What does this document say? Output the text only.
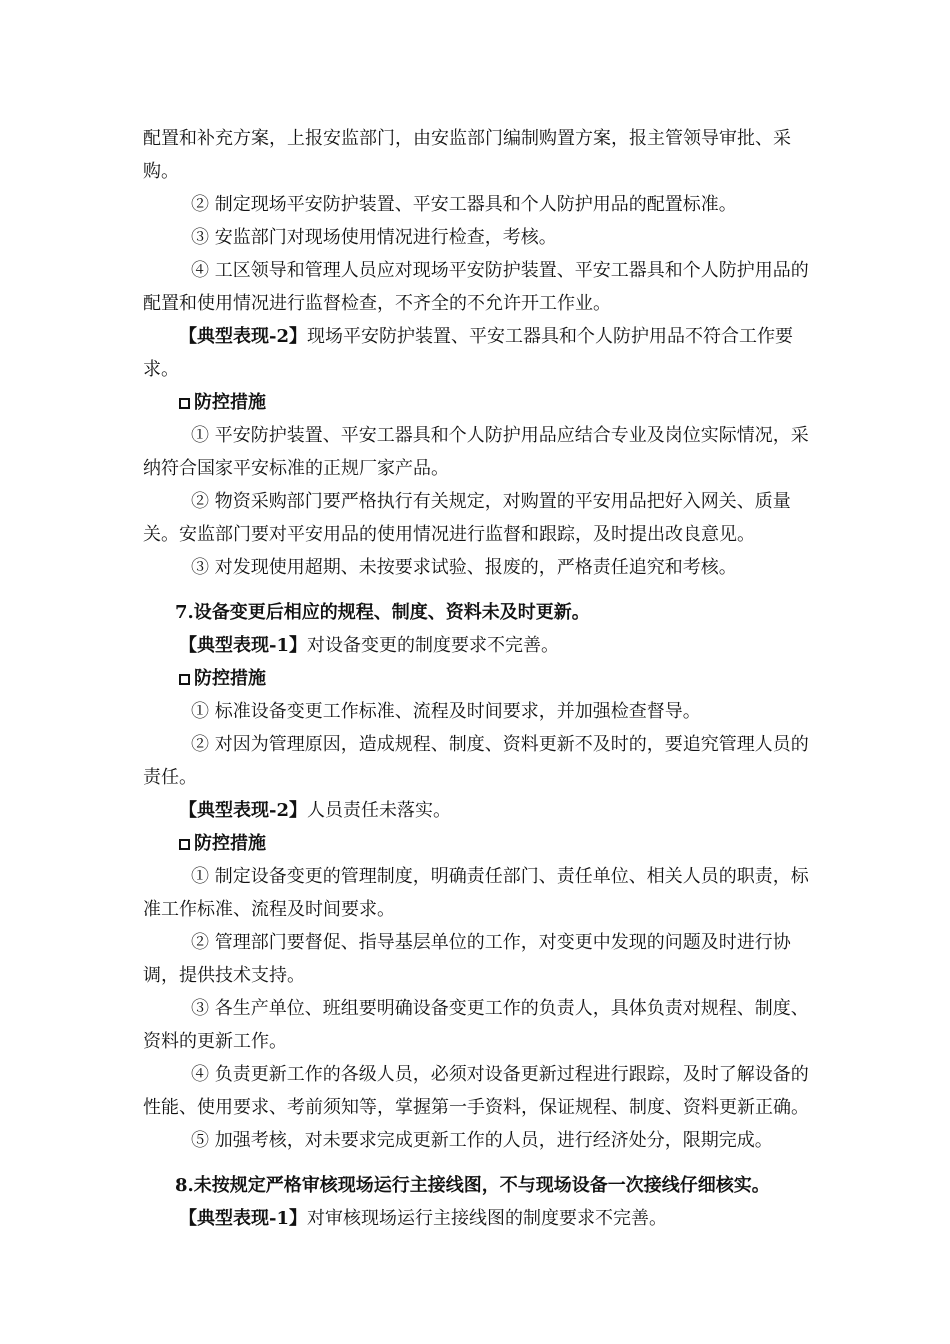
配置和补充方案，上报安监部门，由安监部门编制购置方案，报主管领导审批、采购。

② 制定现场平安防护装置、平安工器具和个人防护用品的配置标准。

③ 安监部门对现场使用情况进行检查，考核。

④ 工区领导和管理人员应对现场平安防护装置、平安工器具和个人防护用品的配置和使用情况进行监督检查，不齐全的不允许开工作业。

【典型表现-2】现场平安防护装置、平安工器具和个人防护用品不符合工作要求。

防控措施

① 平安防护装置、平安工器具和个人防护用品应结合专业及岗位实际情况，采纳符合国家平安标准的正规厂家产品。

② 物资采购部门要严格执行有关规定，对购置的平安用品把好入网关、质量关。安监部门要对平安用品的使用情况进行监督和跟踪，及时提出改良意见。

③ 对发现使用超期、未按要求试验、报废的，严格责任追究和考核。

7.设备变更后相应的规程、制度、资料未及时更新。

【典型表现-1】对设备变更的制度要求不完善。

防控措施

① 标准设备变更工作标准、流程及时间要求，并加强检查督导。

② 对因为管理原因，造成规程、制度、资料更新不及时的，要追究管理人员的责任。

【典型表现-2】人员责任未落实。

防控措施

① 制定设备变更的管理制度，明确责任部门、责任单位、相关人员的职责，标准工作标准、流程及时间要求。

② 管理部门要督促、指导基层单位的工作，对变更中发现的问题及时进行协调，提供技术支持。

③ 各生产单位、班组要明确设备变更工作的负责人，具体负责对规程、制度、资料的更新工作。

④ 负责更新工作的各级人员，必须对设备更新过程进行跟踪，及时了解设备的性能、使用要求、考前须知等，掌握第一手资料，保证规程、制度、资料更新正确。

⑤ 加强考核，对未要求完成更新工作的人员，进行经济处分，限期完成。

8.未按规定严格审核现场运行主接线图，不与现场设备一次接线仔细核实。

【典型表现-1】对审核现场运行主接线图的制度要求不完善。
